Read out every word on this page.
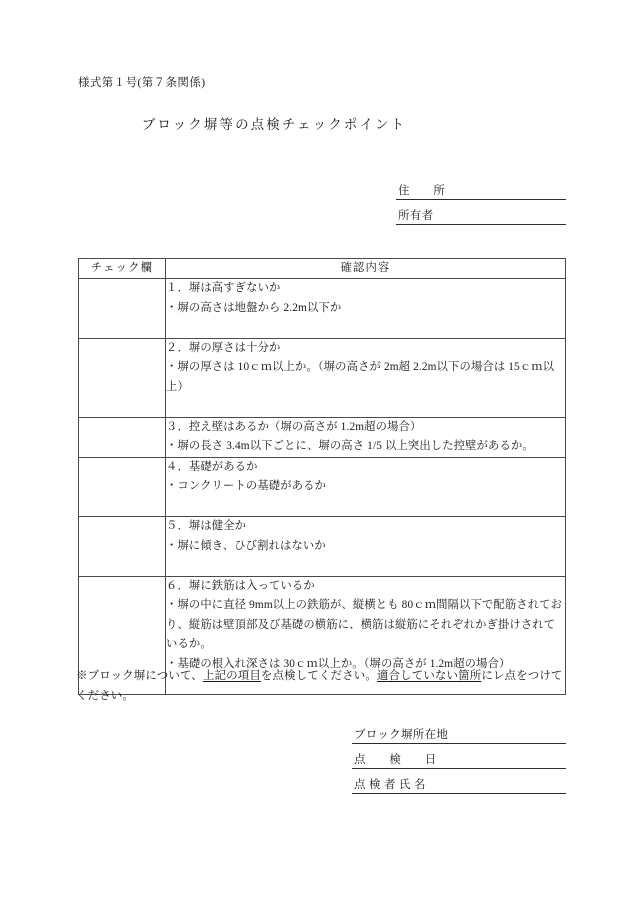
様式第１号(第７条関係)
ブロック塀等の点検チェックポイント
住　　所
所有者
チェック欄	確認内容

	１．塀は高すぎないか
・塀の高さは地盤から 2.2m以下か

	２．塀の厚さは十分か
・塀の厚さは 10ｃｍ以上か。（塀の高さが 2m超 2.2m以下の場合は 15ｃｍ以上）

	３．控え壁はあるか（塀の高さが 1.2m超の場合）
・塀の長さ 3.4m以下ごとに、塀の高さ 1/5 以上突出した控壁があるか。

	４．基礎があるか
・コンクリートの基礎があるか

	５．塀は健全か
・塀に傾き、ひび割れはないか

	６．塀に鉄筋は入っているか
・塀の中に直径 9mm以上の鉄筋が、縦横とも 80ｃｍ間隔以下で配筋されており、縦筋は壁頂部及び基礎の横筋に、横筋は縦筋にそれぞれかぎ掛けされているか。
・基礎の根入れ深さは 30ｃｍ以上か。（塀の高さが 1.2m超の場合）

※ブロック塀について、上記の項目を点検してください。適合していない箇所にレ点をつけてください。
ブロック塀所在地
点　　検　　日
点 検 者 氏 名
